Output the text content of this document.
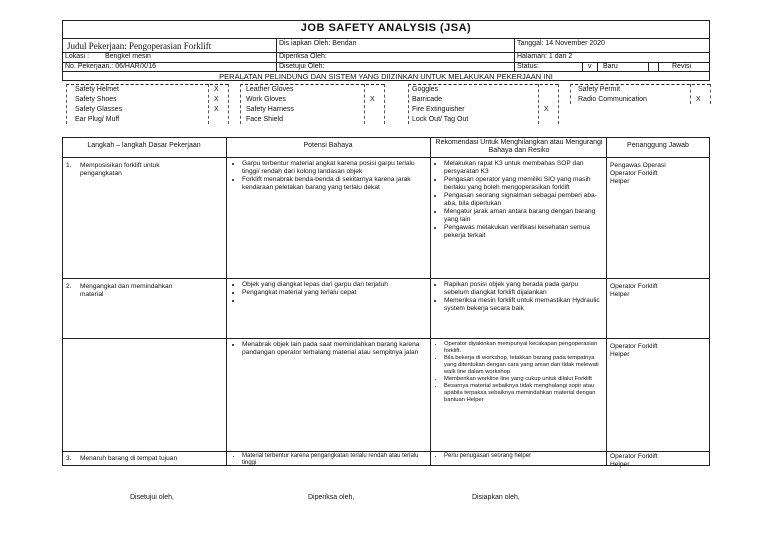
JOB SAFETY ANALYSIS (JSA)
Judul Pekerjaan: Pengoperasian Forklift	Dis iapkan Oleh: Bendan	Tanggal: 14 November 2020
Lokasi : Bengkel mesin	Diperiksa Oleh:	Halaman: 1 dari 2
No. Pekerjaan.: 06/HAR/X/16	Disetujui Oleh:	Status:	v Baru	Revisi
PERALATAN PELINDUNG DAN SISTEM YANG DIIZINKAN UNTUK MELAKUKAN PEKERJAAN INI
Safety Helmet	X
Safety Shoes	X
Safety Glasses	X
Ear Plug/ Muff
Leather Gloves
Work Gloves	X
Safety Harness
Face Shield
Goggles
Barricade
Fire Extinguisher	X
Lock Out/ Tag Out
Safety Permit
Radio Communication	X
Langkah – langkah Dasar Pekerjaan	Potensi Bahaya	Rekomendasi Untuk Menghilangkan atau Mengurangi Bahaya dan Resiko
Penanggung Jawab
1. Memposisikan forklift untuk
pengangkatan
• Garpu terbentur material angkat karena posisi garpu terlalu tinggi/ rendah dari kolong landasan objek
• Forklift menabrak benda-benda di sekitarnya karena jarak kendaraan peletakan barang yang terlalu dekat
• Melakukan rapat K3 untuk membahas SOP dan persyaratan K3
• Pengasan operator yang memiliki SIO yang masih berlaku yang boleh mengoperasikan forklift
• Pengasan seorang signalman sebagai pemberi aba-aba, bila diperlukan
• Mengatur jarak aman antara barang dengan barang yang lain
• Pengawas melakukan verifikasi kesehatan semua pekerja terkait
Pengawas Operasi
Operator Forklift
Helper
2. Mengangkat dan memindahkan
material
• Objek yang diangkat lepas dari garpu dan terjatuh
• Pengangkat material yang terlalu cepat
•
• Rapikan posisi objek yang berada pada garpu sebelum diangkat forklift dijalankan
• Memeriksa mesin forklift untuk memastikan Hydraulic system bekerja secara baik
Operator Forklift
Helper
• Menabrak objek lain pada saat memindahkan barang karena pandangan operator terhalang material atau sempitnya jalan
• Operator diyakinkan mempunyai kecakapan pengoperasian forklift.
• Bila bekerja di workshop, letakkan barang pada tempatnya yang ditentukan dengan cara yang aman dan tidak melewati walk line dalam workshop
• Memberikan workline line yang cukup untuk dilalui Forklift
• Besarnya material sebaiknya tidak menghalangi sopir atau apabila terpaksa sebaiknya memindahkan material dengan bantuan Helper
Operator Forklift
Helper
3. Menaruh barang di tempat tujuan
•	Material terbentur karena pengangkatan terlalu rendah atau terlalu tinggi
• Perlu penugasan seorang helper	Operator Forklift
Helper
Disetujui oleh,	Diperiksa oleh,	Disiapkan oleh,
